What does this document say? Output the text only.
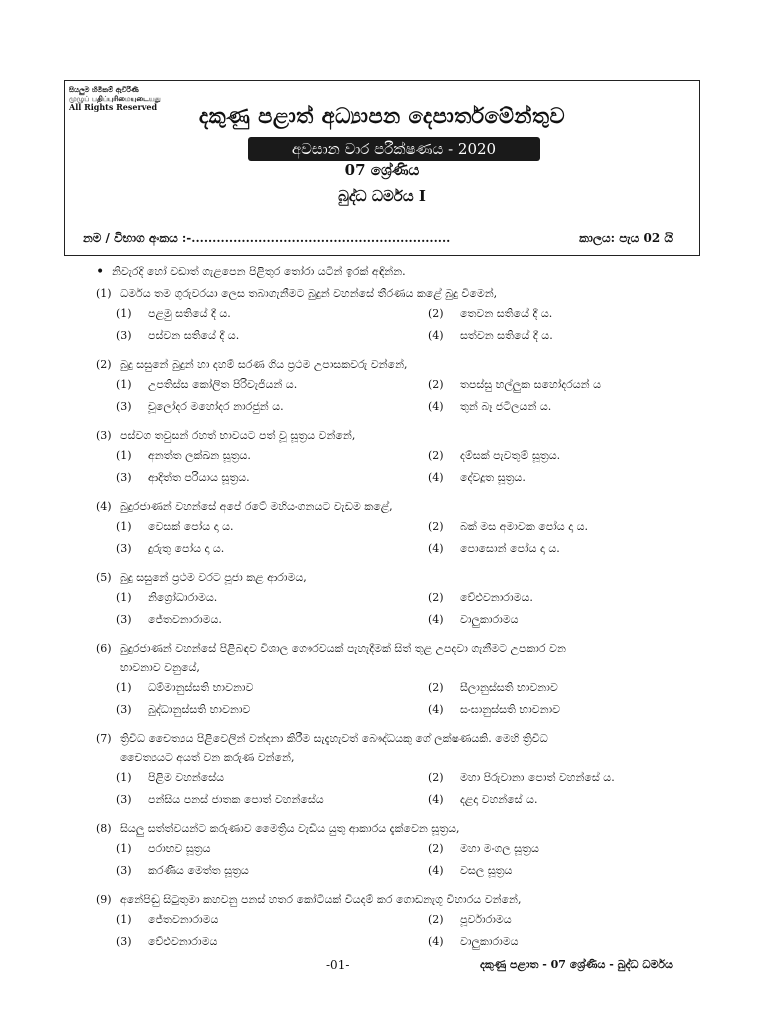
සියලුම හිමිකම් ඇවිරිණි
முழுப் பதிப்புரிமையுடையது
All Rights Reserved	දකුණු පළාත් අධ්‍යාපන දෙපාර්තමේන්තුව
අවසාන වාර පරීක්ෂණය - 2020
07 ශ්‍රේණිය
බුද්ධ ධර්මය I
නම / විභාග අංකය :-..............................................................	කාලය: පැය 02 යි
• නිවැරදි හෝ වඩාත් ගැළපෙන පිළිතුර තෝරා යටින් ඉරක් අඳින්න.
(1) ධර්මය තම ගුරුවරයා ලෙස තබාගැනීමට බුදුන් වහන්සේ තීරණය කළේ බුදු වීමෙන්,
(1)	පළමු සතියේ දී ය.	(2)	තෙවන සතියේ දී ය.
(3)	පස්වන සතියේ දී ය.	(4)	සත්වන සතියේ දී ය.
(2) බුදු සසුනේ බුදුන් හා දහම් සරණ ගිය ප්‍රථම උපාසකවරු වන්නේ,
(1)	උපතිස්ස කෝලිත පිරිවැජියන් ය.	(2)	තපස්සු භල්ලුක සහෝදරයන් ය
(3)	චූලෝදර මහෝදර නාරජුන් ය.	(4)	තුන් බෑ ජටිලයන් ය.
(3) පස්වග තවුසන් රහත් භාවයට පත් වූ සූත්‍රය වන්නේ,
(1)	අනත්ත ලක්ඛන සූත්‍රය.	(2)	දම්සක් පැවතුම් සූත්‍රය.
(3)	ආදිත්ත පරියාය සූත්‍රය.	(4)	දේවදූත සූත්‍රය.
(4) බුදුරජාණන් වහන්සේ අපේ රටේ මහියංගනයට වැඩම කළේ,
(1)	වෙසක් පෝය දා ය.	(2)	බක් මස අමාවක පෝය දා ය.
(3)	දුරුතු පෝය දා ය.	(4)	පොසොන් පෝය දා ය.
(5) බුදු සසුනේ ප්‍රථම වරට පූජා කළ ආරාමය,
(1)	නිග්‍රෝධාරාමය.	(2)	වේළුවනාරාමය.
(3)	ජේතවනාරාමය.	(4)	වාලුකාරාමය
(6) බුදුරජාණන් වහන්සේ පිළිබඳව විශාල ගෞරවයක් පැහැදීමක් සිත් තුළ උපදවා ගැනීමට උපකාර වන
භාවනාව වනුයේ,
(1)	ධම්මානුස්සති භාවනාව	(2)	සීලානුස්සති භාවනාව
(3)	බුද්ධානුස්සති භාවනාව	(4)	සංඝානුස්සති භාවනාව
(7) ත්‍රිවිධ චෛත්‍යය පිළිවෙලින් වන්දනා කිරීම සැදැහැවත් බෞද්ධයකු ගේ ලක්ෂණයකි. මෙහි ත්‍රිවිධ
චෛත්‍යයට අයත් වන කරුණ වන්නේ,
(1)	පිළිම වහන්සේය	(2)	මහා පිරුවානා පොත් වහන්සේ ය.
(3)	පන්සිය පනස් ජාතක පොත් වහන්සේය	(4)	දළදා වහන්සේ ය.
(8) සියලු සත්ත්වයන්ට කරුණාව මෛත්‍රිය වැඩිය යුතු ආකාරය දැක්වෙන සූත්‍රය,
(1)	පරාභව සූත්‍රය	(2)	මහා මංගල සූත්‍රය
(3)	කරණීය මෙත්ත සූත්‍රය	(4)	වසල සූත්‍රය
(9) අනේපිඬු සිටුතුමා කහවනු පනස් හතර කෝටියක් වියදම් කර ගොඩනැගූ විහාරය වන්නේ,
(1)	ජේතවනාරාමය	(2)	පූර්වාරාමය
(3)	වේළුවනාරාමය	(4)	වාලුකාරාමය
-01-	දකුණු පළාත - 07 ශ්‍රේණිය - බුද්ධ ධර්මය
